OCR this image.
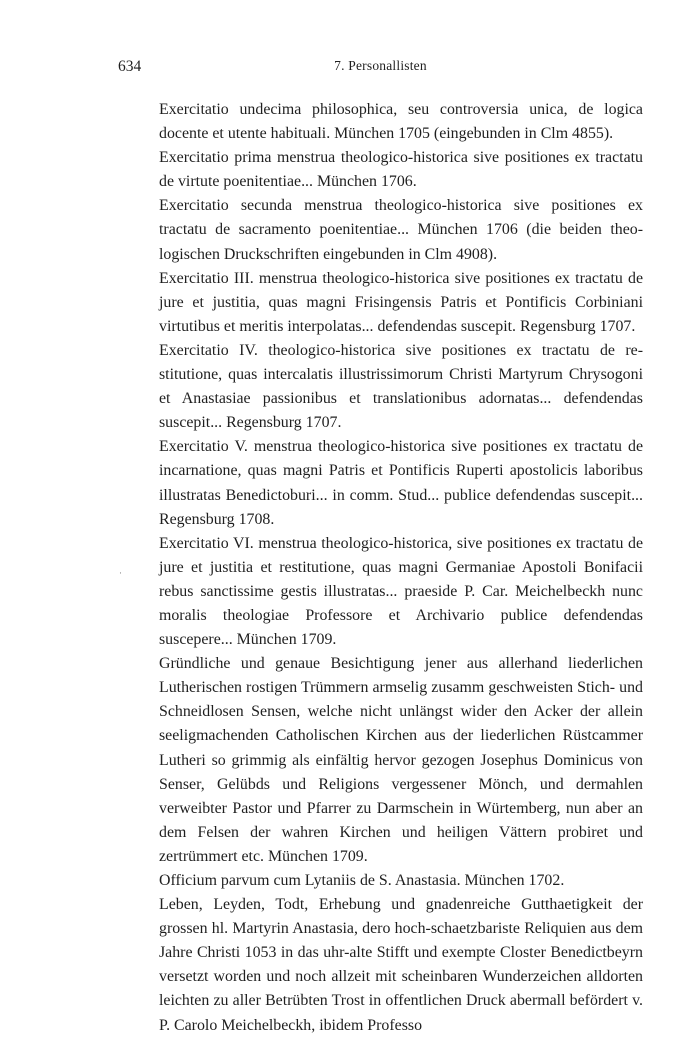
634	7. Personallisten
·

Exercitatio undecima philosophica, seu controversia unica, de logica docente et utente habituali. München 1705 (eingebunden in Clm 4855).

Exercitatio prima menstrua theologico-historica sive positiones ex tractatu de virtute poenitentiae... München 1706.

Exercitatio secunda menstrua theologico-historica sive positiones ex tractatu de sacramento poenitentiae... München 1706 (die beiden theologischen Druckschriften eingebunden in Clm 4908).

Exercitatio III. menstrua theologico-historica sive positiones ex tractatu de jure et justitia, quas magni Frisingensis Patris et Pontificis Corbiniani virtutibus et meritis interpolatas... defendendas suscepit. Regensburg 1707.

Exercitatio IV. theologico-historica sive positiones ex tractatu de restitutione, quas intercalatis illustrissimorum Christi Martyrum Chrysogoni et Anastasiae passionibus et translationibus adornatas... defendendas suscepit... Regensburg 1707.

Exercitatio V. menstrua theologico-historica sive positiones ex tractatu de incarnatione, quas magni Patris et Pontificis Ruperti apostolicis laboribus illustratas Benedictoburi... in comm. Stud... publice defendendas suscepit... Regensburg 1708.

Exercitatio VI. menstrua theologico-historica, sive positiones ex tractatu de jure et justitia et restitutione, quas magni Germaniae Apostoli Bonifacii rebus sanctissime gestis illustratas... praeside P. Car. Meichelbeckh nunc moralis theologiae Professore et Archivario publice defendendas suscepere... München 1709.

Gründliche und genaue Besichtigung jener aus allerhand liederlichen Lutherischen rostigen Trümmern armselig zusamm geschweisten Stich- und Schneidlosen Sensen, welche nicht unlängst wider den Acker der allein seeligmachenden Catholischen Kirchen aus der liederlichen Rüstcammer Lutheri so grimmig als einfältig hervor gezogen Josephus Dominicus von Senser, Gelübds und Religions vergessener Mönch, und dermahlen verweibter Pastor und Pfarrer zu Darmschein in Würtemberg, nun aber an dem Felsen der wahren Kirchen und heiligen Vättern probiret und zertrümmert etc. München 1709.

Officium parvum cum Lytaniis de S. Anastasia. München 1702.

Leben, Leyden, Todt, Erhebung und gnadenreiche Gutthaetigkeit der grossen hl. Martyrin Anastasia, dero hoch-schaetzbariste Reliquien aus dem Jahre Christi 1053 in das uhr-alte Stifft und exempte Closter Benedictbeyrn versetzt worden und noch allzeit mit scheinbaren Wunderzeichen alldorten leichten zu aller Betrübten Trost in offentlichen Druck abermall befördert v. P. Carolo Meichelbeckh, ibidem Professo
